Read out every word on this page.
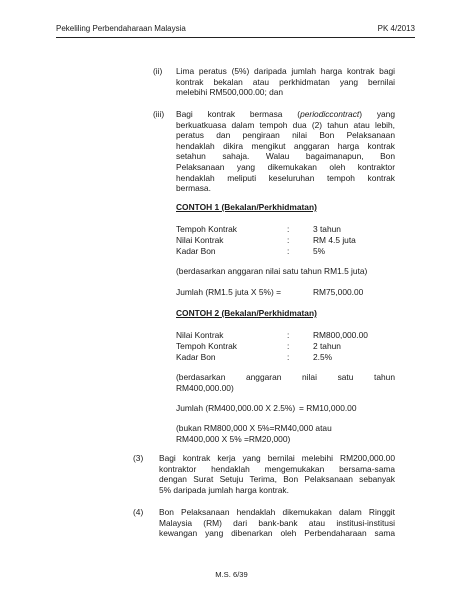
Pekeliling Perbendaharaan Malaysia	PK 4/2013
(ii) Lima peratus (5%) daripada jumlah harga kontrak bagi
kontrak bekalan atau perkhidmatan yang bernilai
melebihi RM500,000.00; dan
(iii) Bagi kontrak bermasa (periodiccontract) yang
berkuatkuasa dalam tempoh dua (2) tahun atau lebih,
peratus dan pengiraan nilai Bon Pelaksanaan
hendaklah dikira mengikut anggaran harga kontrak
setahun sahaja. Walau bagaimanapun, Bon
Pelaksanaan yang dikemukakan oleh kontraktor
hendaklah meliputi keseluruhan tempoh kontrak
bermasa.
CONTOH 1 (Bekalan/Perkhidmatan)
Tempoh Kontrak	:	3 tahun
Nilai Kontrak	:	RM 4.5 juta
Kadar Bon	:	5%
(berdasarkan anggaran nilai satu tahun RM1.5 juta)
Jumlah (RM1.5 juta X 5%) =	RM75,000.00
CONTOH 2 (Bekalan/Perkhidmatan)
Nilai Kontrak	:	RM800,000.00
Tempoh Kontrak	:	2 tahun
Kadar Bon	:	2.5%
(berdasarkan anggaran nilai satu tahun
RM400,000.00)
Jumlah (RM400,000.00 X 2.5%) = RM10,000.00
(bukan RM800,000 X 5%=RM40,000 atau
RM400,000 X 5% =RM20,000)
(3) Bagi kontrak kerja yang bernilai melebihi RM200,000.00
kontraktor hendaklah mengemukakan bersama-sama
dengan Surat Setuju Terima, Bon Pelaksanaan sebanyak
5% daripada jumlah harga kontrak.
(4) Bon Pelaksanaan hendaklah dikemukakan dalam Ringgit
Malaysia (RM) dari bank-bank atau institusi-institusi
kewangan yang dibenarkan oleh Perbendaharaan sama
M.S. 6/39
